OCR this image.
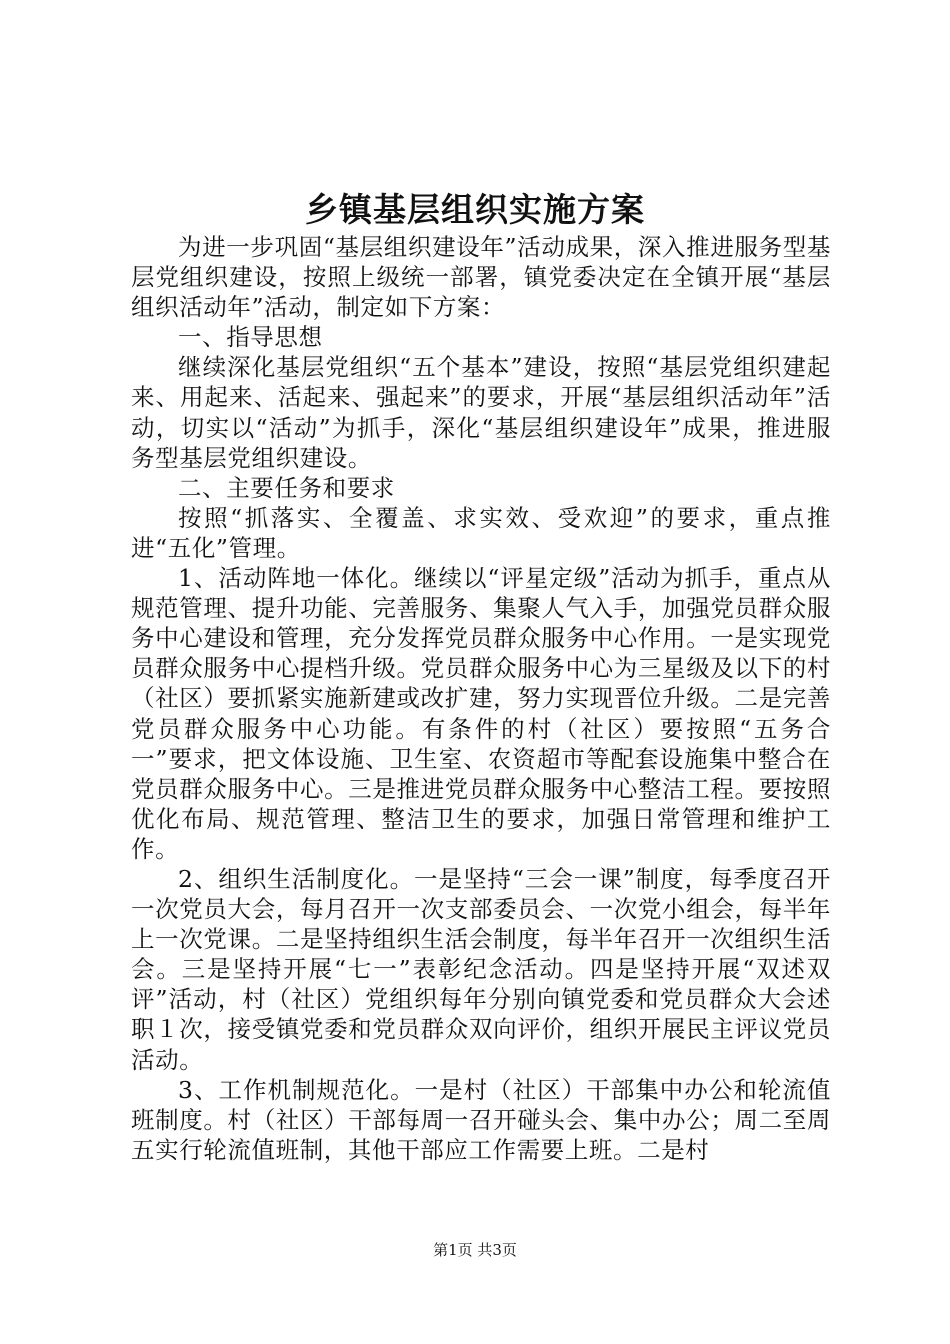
乡镇基层组织实施方案

为进一步巩固“基层组织建设年”活动成果，深入推进服务型基层党组织建设，按照上级统一部署，镇党委决定在全镇开展“基层组织活动年”活动，制定如下方案：

一、指导思想

继续深化基层党组织“五个基本”建设，按照“基层党组织建起来、用起来、活起来、强起来”的要求，开展“基层组织活动年”活动，切实以“活动”为抓手，深化“基层组织建设年”成果，推进服务型基层党组织建设。

二、主要任务和要求

按照“抓落实、全覆盖、求实效、受欢迎”的要求，重点推进“五化”管理。

1、活动阵地一体化。继续以“评星定级”活动为抓手，重点从规范管理、提升功能、完善服务、集聚人气入手，加强党员群众服务中心建设和管理，充分发挥党员群众服务中心作用。一是实现党员群众服务中心提档升级。党员群众服务中心为三星级及以下的村（社区）要抓紧实施新建或改扩建，努力实现晋位升级。二是完善党员群众服务中心功能。有条件的村（社区）要按照“五务合一”要求，把文体设施、卫生室、农资超市等配套设施集中整合在党员群众服务中心。三是推进党员群众服务中心整洁工程。要按照优化布局、规范管理、整洁卫生的要求，加强日常管理和维护工作。

2、组织生活制度化。一是坚持“三会一课”制度，每季度召开一次党员大会，每月召开一次支部委员会、一次党小组会，每半年上一次党课。二是坚持组织生活会制度，每半年召开一次组织生活会。三是坚持开展“七一”表彰纪念活动。四是坚持开展“双述双评”活动，村（社区）党组织每年分别向镇党委和党员群众大会述职１次，接受镇党委和党员群众双向评价，组织开展民主评议党员活动。

3、工作机制规范化。一是村（社区）干部集中办公和轮流值班制度。村（社区）干部每周一召开碰头会、集中办公；周二至周五实行轮流值班制，其他干部应工作需要上班。二是村

第1页 共3页
